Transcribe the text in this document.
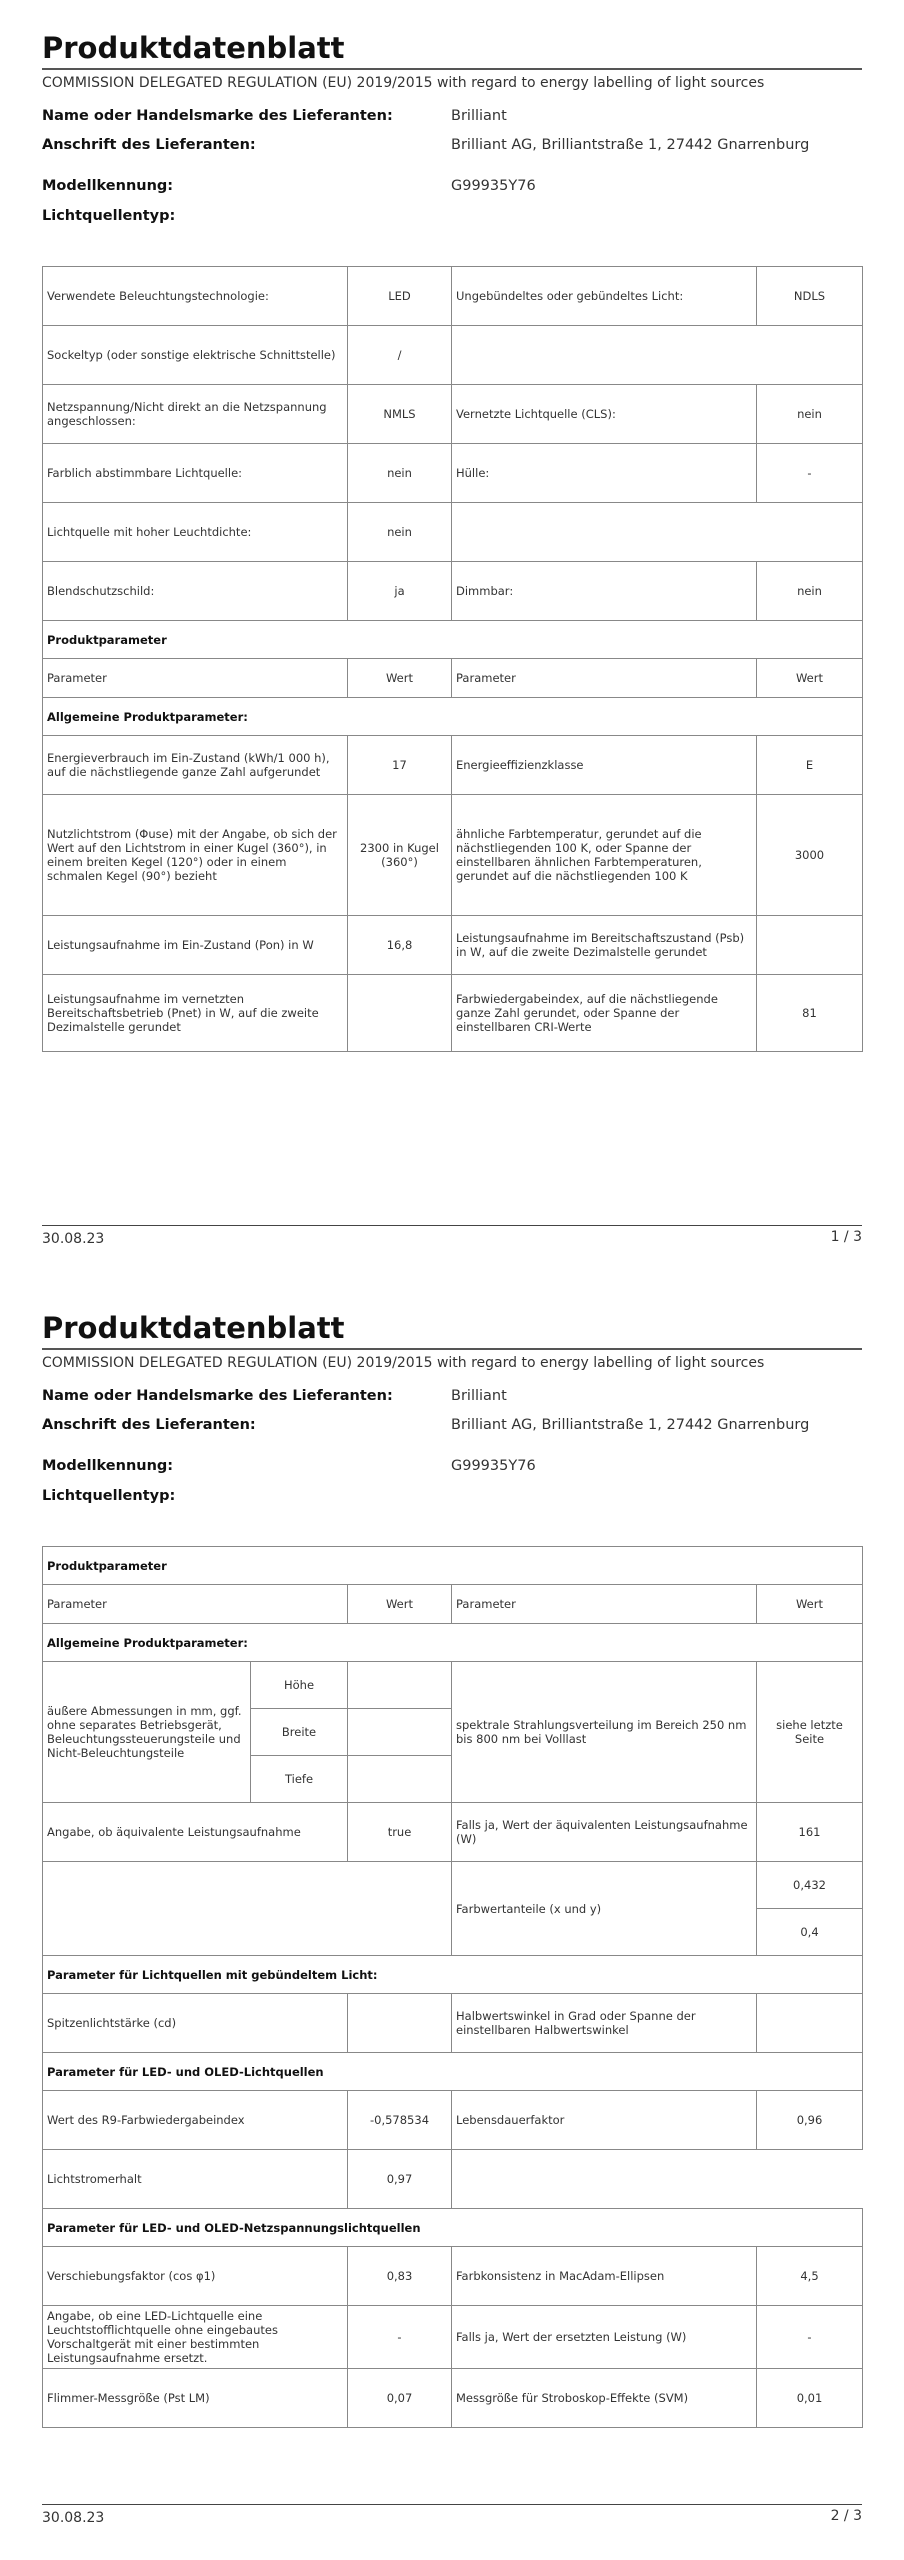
Produktdatenblatt
COMMISSION DELEGATED REGULATION (EU) 2019/2015 with regard to energy labelling of light sources
Name oder Handelsmarke des Lieferanten:	Brilliant
Anschrift des Lieferanten:	Brilliant AG, Brilliantstraße 1, 27442 Gnarrenburg
Modellkennung:	G99935Y76
Lichtquellentyp:
Verwendete Beleuchtungstechnologie:	LED	Ungebündeltes oder gebündeltes Licht:	NDLS
Sockeltyp (oder sonstige elektrische Schnittstelle)	/		
Netzspannung/Nicht direkt an die Netzspannung angeschlossen:	NMLS	Vernetzte Lichtquelle (CLS):	nein
Farblich abstimmbare Lichtquelle:	nein	Hülle:	-
Lichtquelle mit hoher Leuchtdichte:	nein		
Blendschutzschild:	ja	Dimmbar:	nein
Produktparameter			
Parameter	Wert	Parameter	Wert
Allgemeine Produktparameter:			
Energieverbrauch im Ein-Zustand (kWh/1 000 h), auf die nächstliegende ganze Zahl aufgerundet	17	Energieeffizienzklasse	E
Nutzlichtstrom (Φuse) mit der Angabe, ob sich der Wert auf den Lichtstrom in einer Kugel (360°), in einem breiten Kegel (120°) oder in einem schmalen Kegel (90°) bezieht	2300 in Kugel (360°)	ähnliche Farbtemperatur, gerundet auf die nächstliegenden 100 K, oder Spanne der einstellbaren ähnlichen Farbtemperaturen, gerundet auf die nächstliegenden 100 K	3000
Leistungsaufnahme im Ein-Zustand (Pon) in W	16,8	Leistungsaufnahme im Bereitschaftszustand (Psb) in W, auf die zweite Dezimalstelle gerundet	
Leistungsaufnahme im vernetzten Bereitschaftsbetrieb (Pnet) in W, auf die zweite Dezimalstelle gerundet		Farbwiedergabeindex, auf die nächstliegende ganze Zahl gerundet, oder Spanne der einstellbaren CRI-Werte	81
30.08.23	1 / 3
Produktdatenblatt
COMMISSION DELEGATED REGULATION (EU) 2019/2015 with regard to energy labelling of light sources
Name oder Handelsmarke des Lieferanten:	Brilliant
Anschrift des Lieferanten:	Brilliant AG, Brilliantstraße 1, 27442 Gnarrenburg
Modellkennung:	G99935Y76
Lichtquellentyp:
Produktparameter				
Parameter		Wert	Parameter	Wert
Allgemeine Produktparameter:				
äußere Abmessungen in mm, ggf. ohne separates Betriebsgerät, Beleuchtungssteuerungsteile und Nicht-Beleuchtungsteile	Höhe		spektrale Strahlungsverteilung im Bereich 250 nm bis 800 nm bei Volllast	siehe letzte Seite
	Breite			
	Tiefe			
Angabe, ob äquivalente Leistungsaufnahme		true	Falls ja, Wert der äquivalenten Leistungsaufnahme (W)	161
			Farbwertanteile (x und y)	0,432
				0,4
Parameter für Lichtquellen mit gebündeltem Licht:				
Spitzenlichtstärke (cd)			Halbwertswinkel in Grad oder Spanne der einstellbaren Halbwertswinkel	
Parameter für LED- und OLED-Lichtquellen				
Wert des R9-Farbwiedergabeindex		-0,578534	Lebensdauerfaktor	0,96
Lichtstromerhalt		0,97		
Parameter für LED- und OLED-Netzspannungslichtquellen				
Verschiebungsfaktor (cos φ1)		0,83	Farbkonsistenz in MacAdam-Ellipsen	4,5
Angabe, ob eine LED-Lichtquelle eine Leuchtstofflichtquelle ohne eingebautes Vorschaltgerät mit einer bestimmten Leistungsaufnahme ersetzt.		-	Falls ja, Wert der ersetzten Leistung (W)	-
Flimmer-Messgröße (Pst LM)		0,07	Messgröße für Stroboskop-Effekte (SVM)	0,01
30.08.23	2 / 3
